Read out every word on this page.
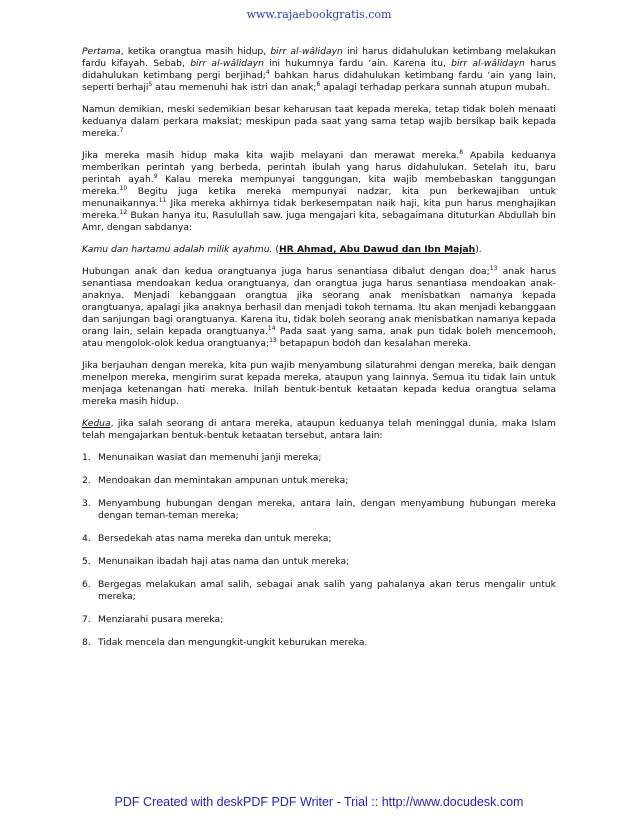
www.rajaebookgratis.com

Pertama, ketika orangtua masih hidup, birr al-wâlidayn ini harus didahulukan ketimbang melakukan fardu kifayah. Sebab, birr al-wâlidayn ini hukumnya fardu ‘ain. Karena itu, birr al-wâlidayn harus didahulukan ketimbang pergi berjihad;$^4$ bahkan harus didahulukan ketimbang fardu ‘ain yang lain, seperti berhaji$^5$ atau memenuhi hak istri dan anak;$^6$ apalagi terhadap perkara sunnah atupun mubah.

Namun demikian, meski sedemikian besar keharusan taat kepada mereka, tetap tidak boleh menaati keduanya dalam perkara maksiat; meskipun pada saat yang sama tetap wajib bersikap baik kepada mereka.$^7$

Jika mereka masih hidup maka kita wajib melayani dan merawat mereka.$^8$ Apabila keduanya memberikan perintah yang berbeda, perintah ibulah yang harus didahulukan. Setelah itu, baru perintah ayah.$^9$ Kalau mereka mempunyai tanggungan, kita wajib membebaskan tanggungan mereka.$^{10}$ Begitu juga ketika mereka mempunyai nadzar, kita pun berkewajiban untuk menunaikannya.$^{11}$ Jika mereka akhirnya tidak berkesempatan naik haji, kita pun harus menghajikan mereka.$^{12}$ Bukan hanya itu, Rasulullah saw. juga mengajari kita, sebagaimana dituturkan Abdullah bin Amr, dengan sabdanya:

Kamu dan hartamu adalah milik ayahmu. (HR Ahmad, Abu Dawud dan Ibn Majah).

Hubungan anak dan kedua orangtuanya juga harus senantiasa dibalut dengan doa;$^{13}$ anak harus senantiasa mendoakan kedua orangtuanya, dan orangtua juga harus senantiasa mendoakan anak-anaknya. Menjadi kebanggaan orangtua jika seorang anak menisbatkan namanya kepada orangtuanya, apalagi jika anaknya berhasil dan menjadi tokoh ternama. Itu akan menjadi kebanggaan dan sanjungan bagi orangtuanya. Karena itu, tidak boleh seorang anak menisbatkan namanya kepada orang lain, selain kepada orangtuanya.$^{14}$ Pada saat yang sama, anak pun tidak boleh mencemooh, atau mengolok-olok kedua orangtuanya;$^{13}$ betapapun bodoh dan kesalahan mereka.

Jika berjauhan dengan mereka, kita pun wajib menyambung silaturahmi dengan mereka, baik dengan menelpon mereka, mengirim surat kepada mereka, ataupun yang lainnya. Semua itu tidak lain untuk menjaga ketenangan hati mereka. Inilah bentuk-bentuk ketaatan kepada kedua orangtua selama mereka masih hidup.

Kedua, jika salah seorang di antara mereka, ataupun keduanya telah meninggal dunia, maka Islam telah mengajarkan bentuk-bentuk ketaatan tersebut, antara lain:

1. Menunaikan wasiat dan memenuhi janji mereka;
2. Mendoakan dan memintakan ampunan untuk mereka;
3. Menyambung hubungan dengan mereka, antara lain, dengan menyambung hubungan mereka dengan teman-teman mereka;
4. Bersedekah atas nama mereka dan untuk mereka;
5. Menunaikan ibadah haji atas nama dan untuk mereka;
6. Bergegas melakukan amal salih, sebagai anak salih yang pahalanya akan terus mengalir untuk mereka;
7. Menziarahi pusara mereka;
8. Tidak mencela dan mengungkit-ungkit keburukan mereka.
PDF Created with deskPDF PDF Writer - Trial :: http://www.docudesk.com
